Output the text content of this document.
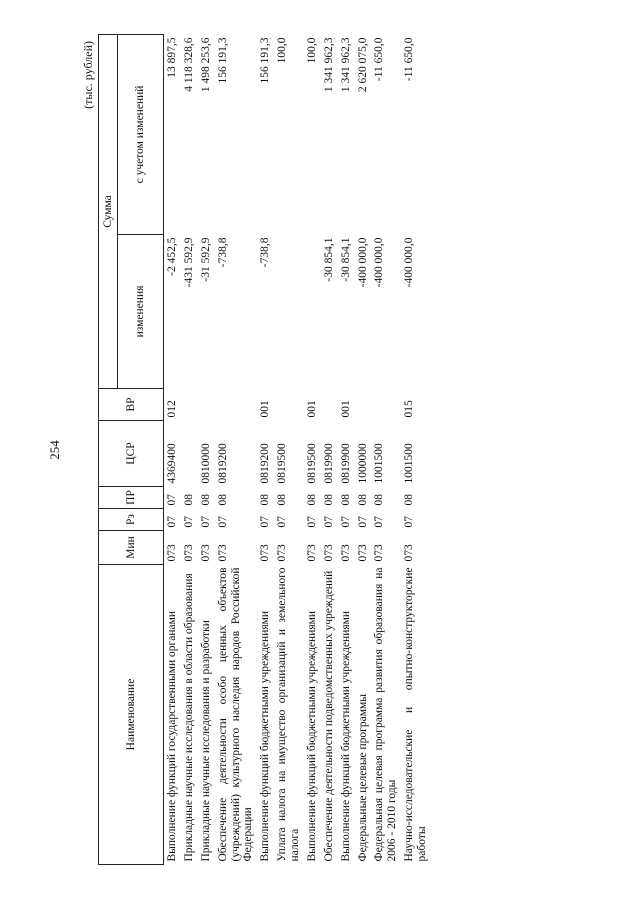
254
(тыс. рублей)
Наименование	Мин	Рз	ПР	ЦСР	ВР	Сумма	
						изменения	с учетом изменений
Выполнение функций государственными органами	073	07	07	4369400	012	-2 452,5	13 897,5
Прикладные научные исследования в области образования	073	07	08			-431 592,9	4 118 328,6
Прикладные научные исследования и разработки	073	07	08	0810000		-31 592,9	1 498 253,6
Обеспечение деятельности особо ценных объектов (учреждений) культурного наследия народов Российской Федерации	073	07	08	0819200		-738,8	156 191,3
Выполнение функций бюджетными учреждениями	073	07	08	0819200	001	-738,8	156 191,3
Уплата налога на имущество организаций и земельного налога	073	07	08	0819500			100,0
Выполнение функций бюджетными учреждениями	073	07	08	0819500	001		100,0
Обеспечение деятельности подведомственных учреждений	073	07	08	0819900		-30 854,1	1 341 962,3
Выполнение функций бюджетными учреждениями	073	07	08	0819900	001	-30 854,1	1 341 962,3
Федеральные целевые программы	073	07	08	1000000		-400 000,0	2 620 075,0
Федеральная целевая программа развития образования на 2006 - 2010 годы	073	07	08	1001500		-400 000,0	-11 650,0
Научно-исследовательские и опытно-конструкторские работы	073	07	08	1001500	015	-400 000,0	-11 650,0
